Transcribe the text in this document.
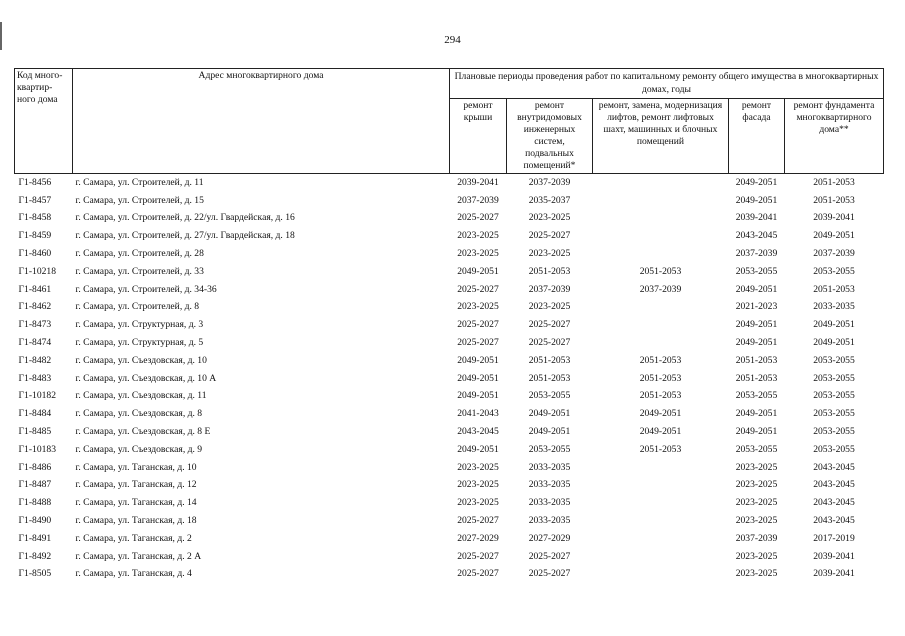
294
Код много-квартир-ного дома	Адрес многоквартирного дома	Плановые периоды проведения работ по капитальному ремонту общего имущества в многоквартирных домах, годы				
		ремонт крыши	ремонт внутридомовых инженерных систем, подвальных помещений*	ремонт, замена, модернизация лифтов, ремонт лифтовых шахт, машинных и блочных помещений	ремонт фасада	ремонт фундамента многоквартирного дома**
Г1-8456	г. Самара, ул. Строителей, д. 11	2039-2041	2037-2039		2049-2051	2051-2053
Г1-8457	г. Самара, ул. Строителей, д. 15	2037-2039	2035-2037		2049-2051	2051-2053
Г1-8458	г. Самара, ул. Строителей, д. 22/ул. Гвардейская, д. 16	2025-2027	2023-2025		2039-2041	2039-2041
Г1-8459	г. Самара, ул. Строителей, д. 27/ул. Гвардейская, д. 18	2023-2025	2025-2027		2043-2045	2049-2051
Г1-8460	г. Самара, ул. Строителей, д. 28	2023-2025	2023-2025		2037-2039	2037-2039
Г1-10218	г. Самара, ул. Строителей, д. 33	2049-2051	2051-2053	2051-2053	2053-2055	2053-2055
Г1-8461	г. Самара, ул. Строителей, д. 34-36	2025-2027	2037-2039	2037-2039	2049-2051	2051-2053
Г1-8462	г. Самара, ул. Строителей, д. 8	2023-2025	2023-2025		2021-2023	2033-2035
Г1-8473	г. Самара, ул. Структурная, д. 3	2025-2027	2025-2027		2049-2051	2049-2051
Г1-8474	г. Самара, ул. Структурная, д. 5	2025-2027	2025-2027		2049-2051	2049-2051
Г1-8482	г. Самара, ул. Съездовская, д. 10	2049-2051	2051-2053	2051-2053	2051-2053	2053-2055
Г1-8483	г. Самара, ул. Съездовская, д. 10 А	2049-2051	2051-2053	2051-2053	2051-2053	2053-2055
Г1-10182	г. Самара, ул. Съездовская, д. 11	2049-2051	2053-2055	2051-2053	2053-2055	2053-2055
Г1-8484	г. Самара, ул. Съездовская, д. 8	2041-2043	2049-2051	2049-2051	2049-2051	2053-2055
Г1-8485	г. Самара, ул. Съездовская, д. 8 Е	2043-2045	2049-2051	2049-2051	2049-2051	2053-2055
Г1-10183	г. Самара, ул. Съездовская, д. 9	2049-2051	2053-2055	2051-2053	2053-2055	2053-2055
Г1-8486	г. Самара, ул. Таганская, д. 10	2023-2025	2033-2035		2023-2025	2043-2045
Г1-8487	г. Самара, ул. Таганская, д. 12	2023-2025	2033-2035		2023-2025	2043-2045
Г1-8488	г. Самара, ул. Таганская, д. 14	2023-2025	2033-2035		2023-2025	2043-2045
Г1-8490	г. Самара, ул. Таганская, д. 18	2025-2027	2033-2035		2023-2025	2043-2045
Г1-8491	г. Самара, ул. Таганская, д. 2	2027-2029	2027-2029		2037-2039	2017-2019
Г1-8492	г. Самара, ул. Таганская, д. 2 А	2025-2027	2025-2027		2023-2025	2039-2041
Г1-8505	г. Самара, ул. Таганская, д. 4	2025-2027	2025-2027		2023-2025	2039-2041
